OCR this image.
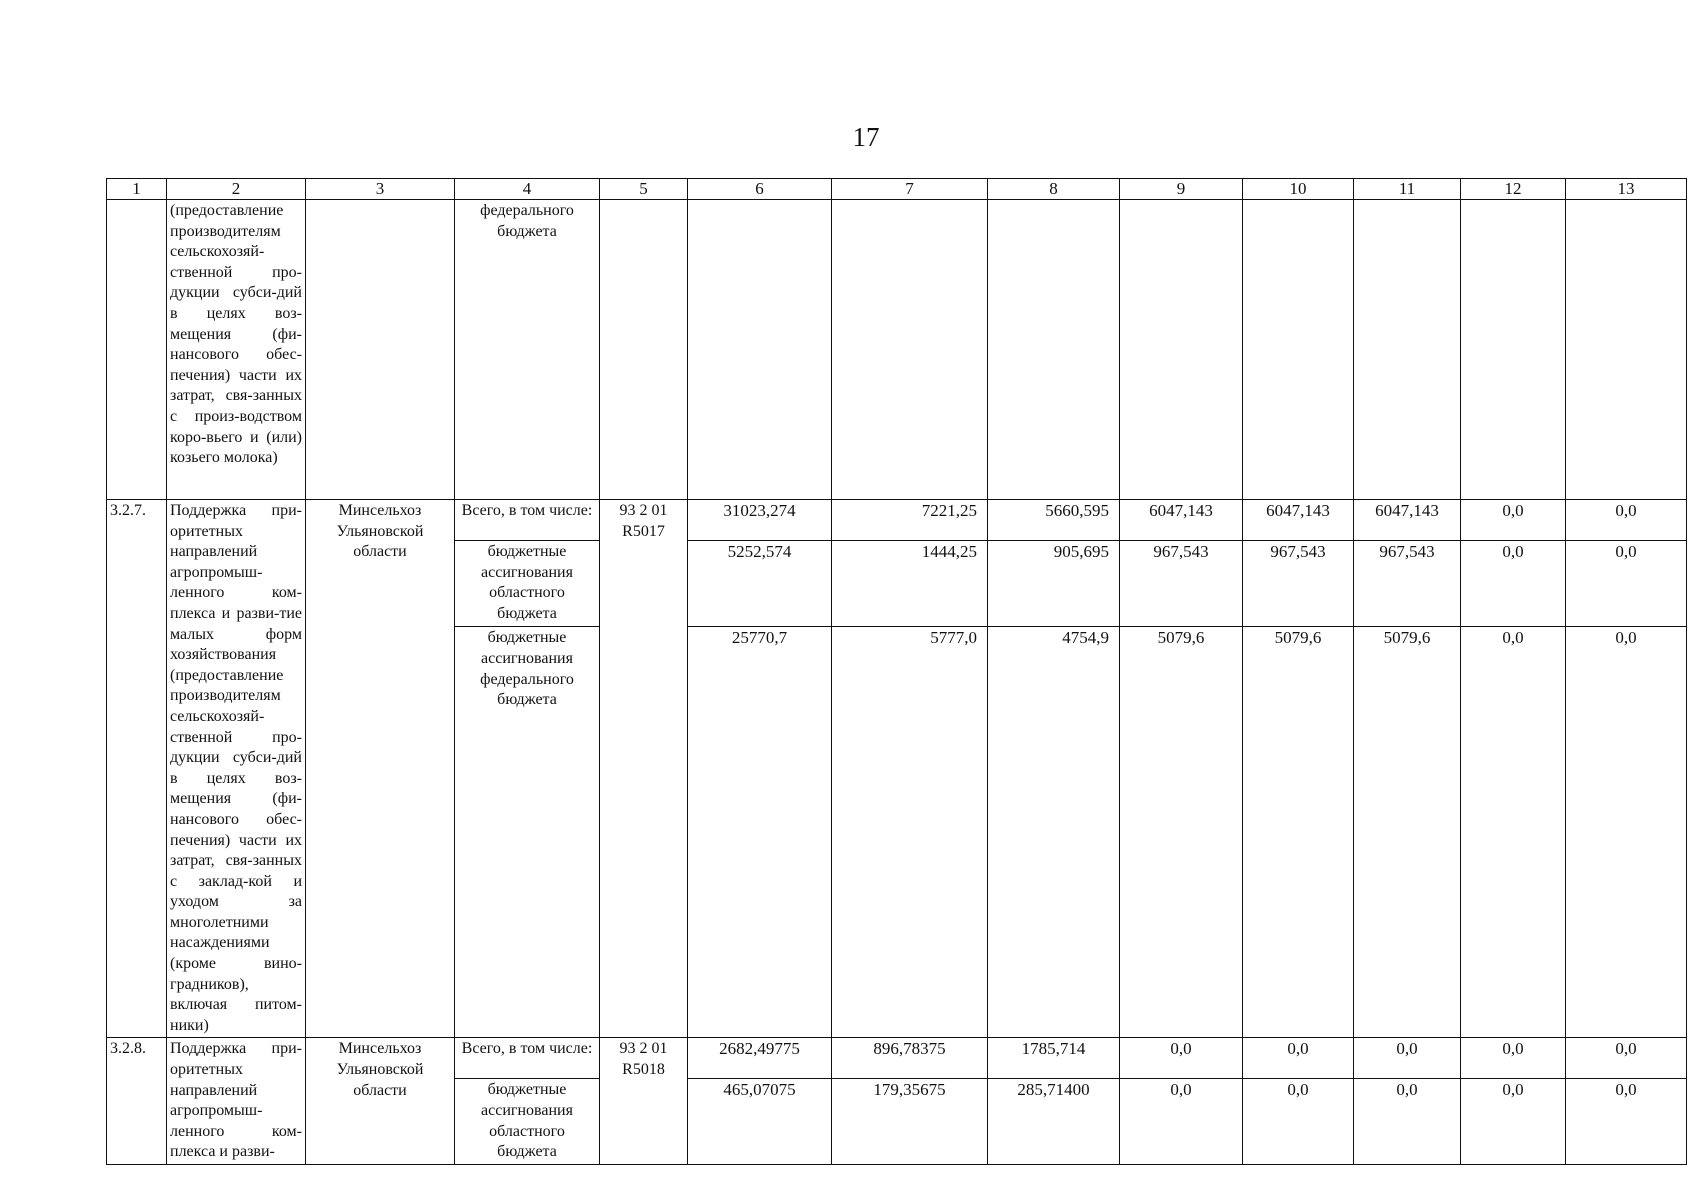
17
1	2	3	4	5	6	7	8	9	10	11	12	13
	(предоставление производителям сельскохозяй-ственной про-дукции субси-дий в целях воз-мещения (фи-нансового обес-печения) части их затрат, свя-занных с произ-водством коро-вьего и (или) козьего молока)		федерального бюджета									
3.2.7.	Поддержка при-оритетных направлений агропромыш-ленного ком-плекса и разви-тие малых форм хозяйствования (предоставление производителям сельскохозяй-ственной про-дукции субси-дий в целях воз-мещения (фи-нансового обес-печения) части их затрат, свя-занных с заклад-кой и уходом за многолетними насаждениями (кроме вино-градников), включая питом-ники)	Минсельхоз Ульяновской области	Всего, в том числе:	93 2 01 R5017	31023,274	7221,25	5660,595	6047,143	6047,143	6047,143	0,0	0,0
			бюджетные ассигнования областного бюджета		5252,574	1444,25	905,695	967,543	967,543	967,543	0,0	0,0
			бюджетные ассигнования федерального бюджета		25770,7	5777,0	4754,9	5079,6	5079,6	5079,6	0,0	0,0
3.2.8.	Поддержка при-оритетных направлений агропромыш-ленного ком-плекса и разви-	Минсельхоз Ульяновской области	Всего, в том числе:	93 2 01 R5018	2682,49775	896,78375	1785,714	0,0	0,0	0,0	0,0	0,0
			бюджетные ассигнования областного бюджета		465,07075	179,35675	285,71400	0,0	0,0	0,0	0,0	0,0
